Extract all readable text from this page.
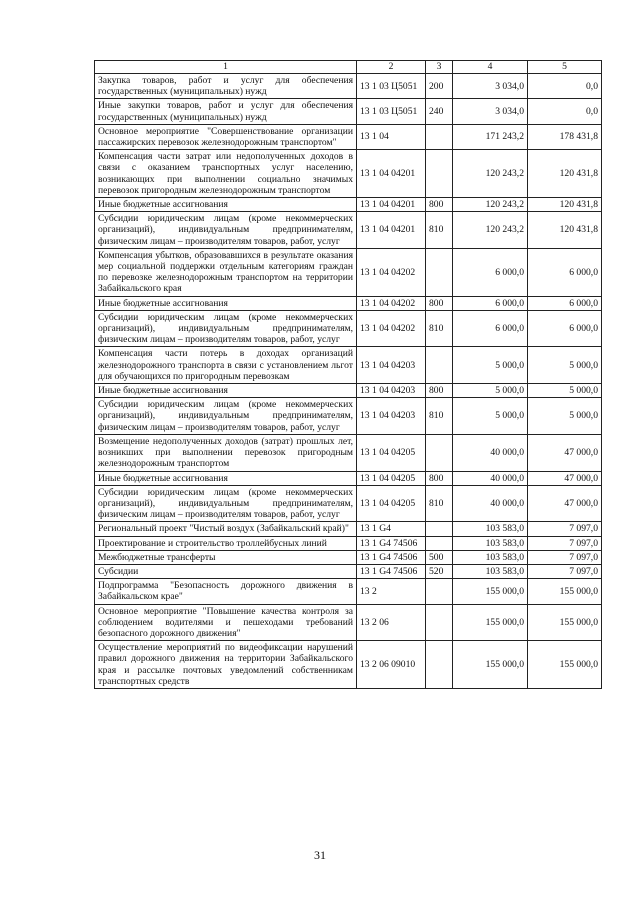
1	2	3	4	5
Закупка товаров, работ и услуг для обеспечения государственных (муниципальных) нужд	13 1 03 Ц5051	200	3 034,0	0,0
Иные закупки товаров, работ и услуг для обеспечения государственных (муниципальных) нужд	13 1 03 Ц5051	240	3 034,0	0,0
Основное мероприятие "Совершенствование организации пассажирских перевозок железнодорожным транспортом"	13 1 04		171 243,2	178 431,8
Компенсация части затрат или недополученных доходов в связи с оказанием транспортных услуг населению, возникающих при выполнении социально значимых перевозок пригородным железнодорожным транспортом	13 1 04 04201		120 243,2	120 431,8
Иные бюджетные ассигнования	13 1 04 04201	800	120 243,2	120 431,8
Субсидии юридическим лицам (кроме некоммерческих организаций), индивидуальным предпринимателям, физическим лицам – производителям товаров, работ, услуг	13 1 04 04201	810	120 243,2	120 431,8
Компенсация убытков, образовавшихся в результате оказания мер социальной поддержки отдельным категориям граждан по перевозке железнодорожным транспортом на территории Забайкальского края	13 1 04 04202		6 000,0	6 000,0
Иные бюджетные ассигнования	13 1 04 04202	800	6 000,0	6 000,0
Субсидии юридическим лицам (кроме некоммерческих организаций), индивидуальным предпринимателям, физическим лицам – производителям товаров, работ, услуг	13 1 04 04202	810	6 000,0	6 000,0
Компенсация части потерь в доходах организаций железнодорожного транспорта в связи с установлением льгот для обучающихся по пригородным перевозкам	13 1 04 04203		5 000,0	5 000,0
Иные бюджетные ассигнования	13 1 04 04203	800	5 000,0	5 000,0
Субсидии юридическим лицам (кроме некоммерческих организаций), индивидуальным предпринимателям, физическим лицам – производителям товаров, работ, услуг	13 1 04 04203	810	5 000,0	5 000,0
Возмещение недополученных доходов (затрат) прошлых лет, возникших при выполнении перевозок пригородным железнодорожным транспортом	13 1 04 04205		40 000,0	47 000,0
Иные бюджетные ассигнования	13 1 04 04205	800	40 000,0	47 000,0
Субсидии юридическим лицам (кроме некоммерческих организаций), индивидуальным предпринимателям, физическим лицам – производителям товаров, работ, услуг	13 1 04 04205	810	40 000,0	47 000,0
Региональный проект "Чистый воздух (Забайкальский край)"	13 1 G4		103 583,0	7 097,0
Проектирование и строительство троллейбусных линий	13 1 G4 74506		103 583,0	7 097,0
Межбюджетные трансферты	13 1 G4 74506	500	103 583,0	7 097,0
Субсидии	13 1 G4 74506	520	103 583,0	7 097,0
Подпрограмма "Безопасность дорожного движения в Забайкальском крае"	13 2		155 000,0	155 000,0
Основное мероприятие "Повышение качества контроля за соблюдением водителями и пешеходами требований безопасного дорожного движения"	13 2 06		155 000,0	155 000,0
Осуществление мероприятий по видеофиксации нарушений правил дорожного движения на территории Забайкальского края и рассылке почтовых уведомлений собственникам транспортных средств	13 2 06 09010		155 000,0	155 000,0
31
